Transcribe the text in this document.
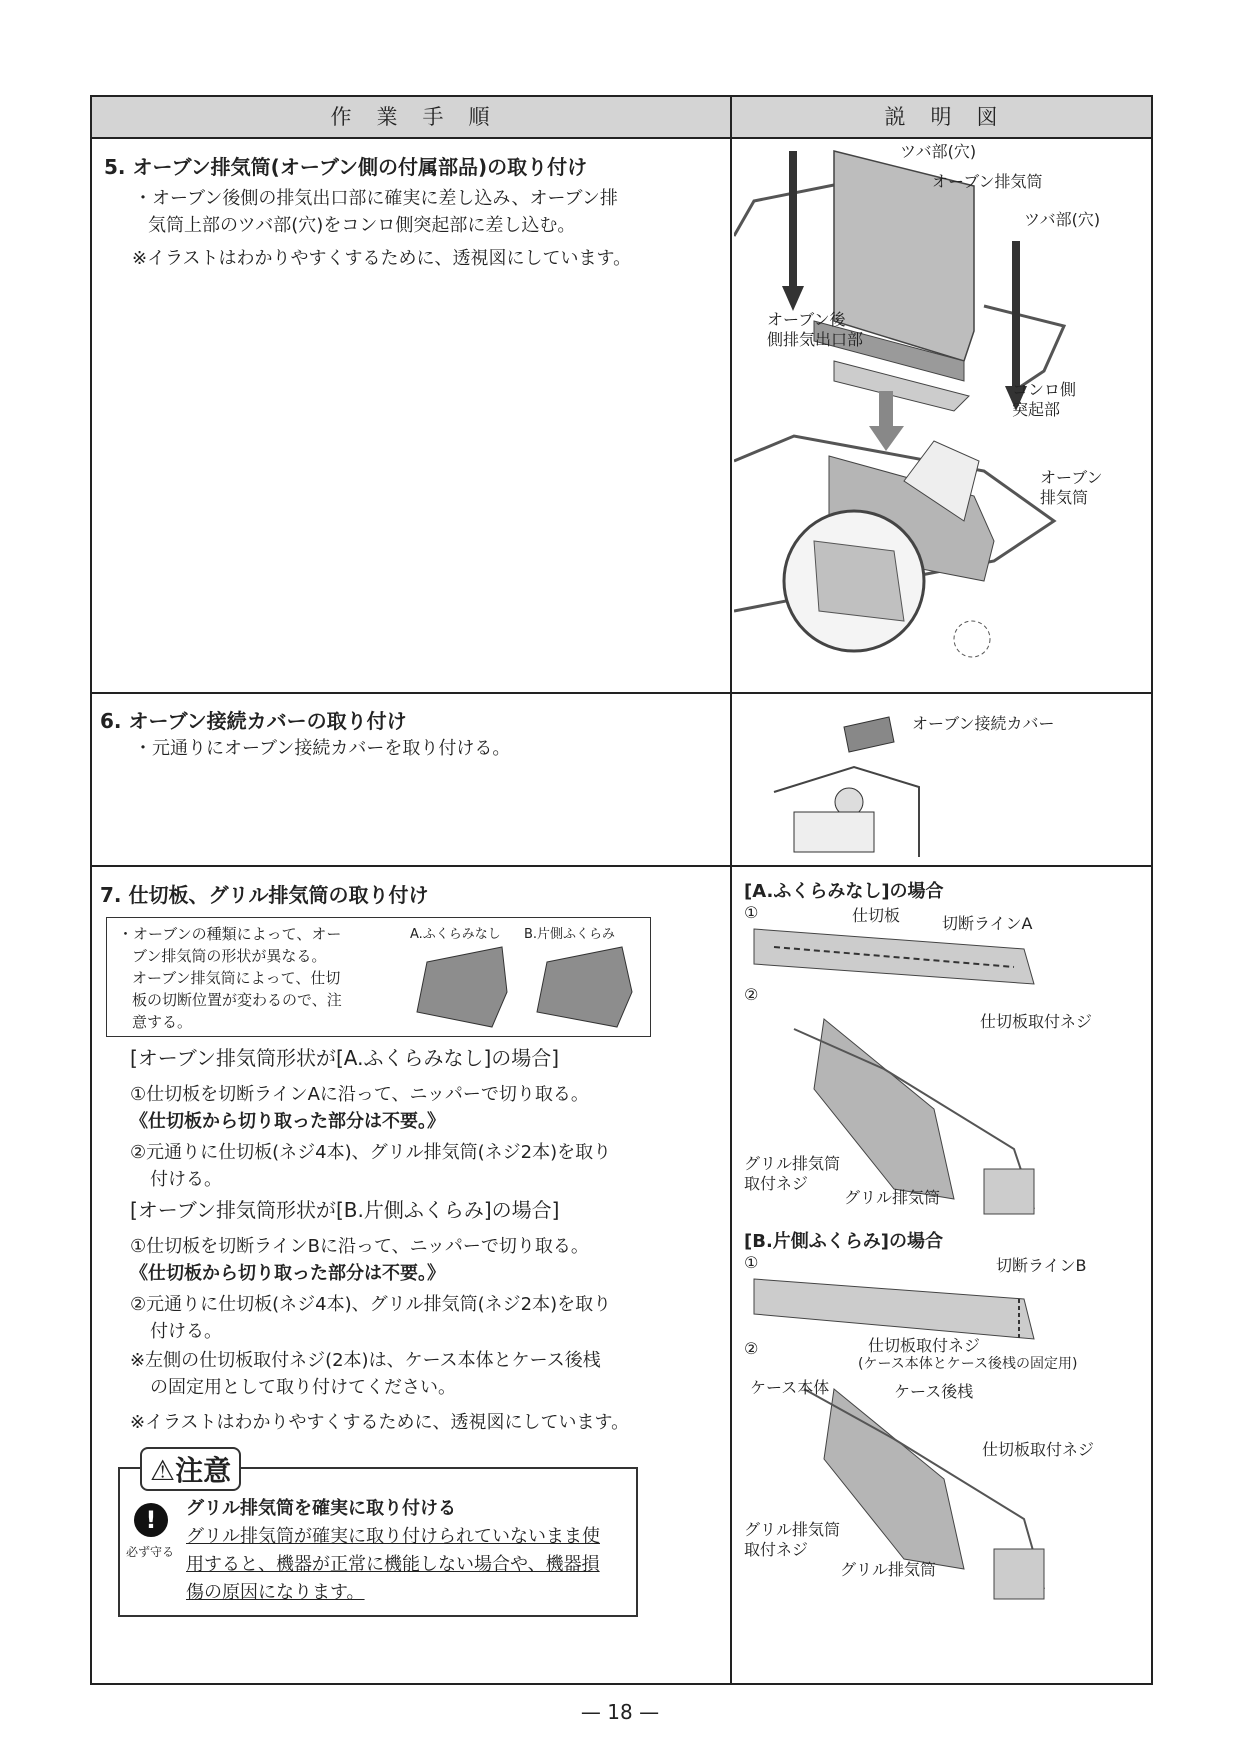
作　業　手　順	説　明　図
5. オーブン排気筒(オーブン側の付属部品)の取り付け
・オーブン後側の排気出口部に確実に差し込み、オーブン排
気筒上部のツバ部(穴)をコンロ側突起部に差し込む。
※イラストはわかりやすくするために、透視図にしています。
ツバ部(穴)
オーブン排気筒
ツバ部(穴)
オーブン後
側排気出口部
コンロ側
突起部
オーブン
排気筒
6. オーブン接続カバーの取り付け
・元通りにオーブン接続カバーを取り付ける。
オーブン接続カバー
7. 仕切板、グリル排気筒の取り付け
・オーブンの種類によって、オー
ブン排気筒の形状が異なる。
オーブン排気筒によって、仕切
板の切断位置が変わるので、注
意する。
A.ふくらみなし B.片側ふくらみ
[オーブン排気筒形状が[A.ふくらみなし]の場合]
①仕切板を切断ラインAに沿って、ニッパーで切り取る。
《仕切板から切り取った部分は不要。》
②元通りに仕切板(ネジ4本)、グリル排気筒(ネジ2本)を取り
付ける。
[オーブン排気筒形状が[B.片側ふくらみ]の場合]
①仕切板を切断ラインBに沿って、ニッパーで切り取る。
《仕切板から切り取った部分は不要。》
②元通りに仕切板(ネジ4本)、グリル排気筒(ネジ2本)を取り
付ける。
※左側の仕切板取付ネジ(2本)は、ケース本体とケース後桟
の固定用として取り付けてください。
※イラストはわかりやすくするために、透視図にしています。
⚠注意
!
必ず守る
グリル排気筒を確実に取り付ける
グリル排気筒が確実に取り付けられていないまま使
用すると、機器が正常に機能しない場合や、機器損
傷の原因になります。
[A.ふくらみなし]の場合
①	仕切板	切断ラインA
②
仕切板取付ネジ
グリル排気筒
取付ネジ
グリル排気筒
[B.片側ふくらみ]の場合
①	切断ラインB
②	仕切板取付ネジ
(ケース本体とケース後桟の固定用)
ケース本体	ケース後桟
仕切板取付ネジ
グリル排気筒
取付ネジ
グリル排気筒
— 18 —
